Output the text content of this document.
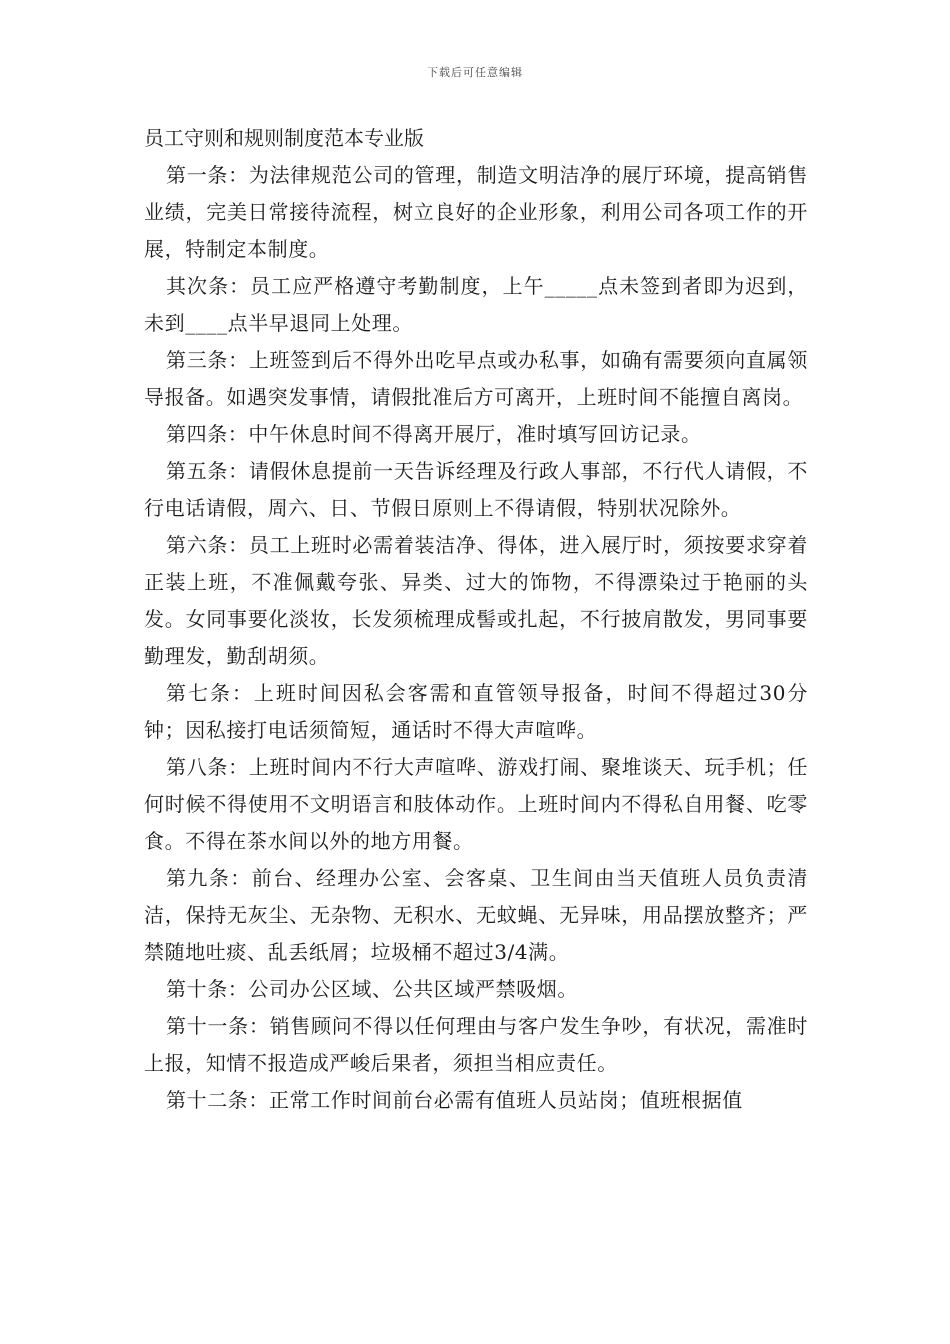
下载后可任意编辑

员工守则和规则制度范本专业版

第一条：为法律规范公司的管理，制造文明洁净的展厅环境，提高销售业绩，完美日常接待流程，树立良好的企业形象，利用公司各项工作的开展，特制定本制度。

其次条：员工应严格遵守考勤制度，上午_____点未签到者即为迟到，未到____点半早退同上处理。

第三条：上班签到后不得外出吃早点或办私事，如确有需要须向直属领导报备。如遇突发事情，请假批准后方可离开，上班时间不能擅自离岗。

第四条：中午休息时间不得离开展厅，准时填写回访记录。

第五条：请假休息提前一天告诉经理及行政人事部，不行代人请假，不行电话请假，周六、日、节假日原则上不得请假，特别状况除外。

第六条：员工上班时必需着装洁净、得体，进入展厅时，须按要求穿着正装上班，不准佩戴夸张、异类、过大的饰物，不得漂染过于艳丽的头发。女同事要化淡妆，长发须梳理成髻或扎起，不行披肩散发，男同事要勤理发，勤刮胡须。

第七条：上班时间因私会客需和直管领导报备，时间不得超过30分钟；因私接打电话须简短，通话时不得大声喧哗。

第八条：上班时间内不行大声喧哗、游戏打闹、聚堆谈天、玩手机；任何时候不得使用不文明语言和肢体动作。上班时间内不得私自用餐、吃零食。不得在茶水间以外的地方用餐。

第九条：前台、经理办公室、会客桌、卫生间由当天值班人员负责清洁，保持无灰尘、无杂物、无积水、无蚊蝇、无异味，用品摆放整齐；严禁随地吐痰、乱丢纸屑；垃圾桶不超过3/4满。

第十条：公司办公区域、公共区域严禁吸烟。

第十一条：销售顾问不得以任何理由与客户发生争吵，有状况，需准时上报，知情不报造成严峻后果者，须担当相应责任。

第十二条：正常工作时间前台必需有值班人员站岗；值班根据值
